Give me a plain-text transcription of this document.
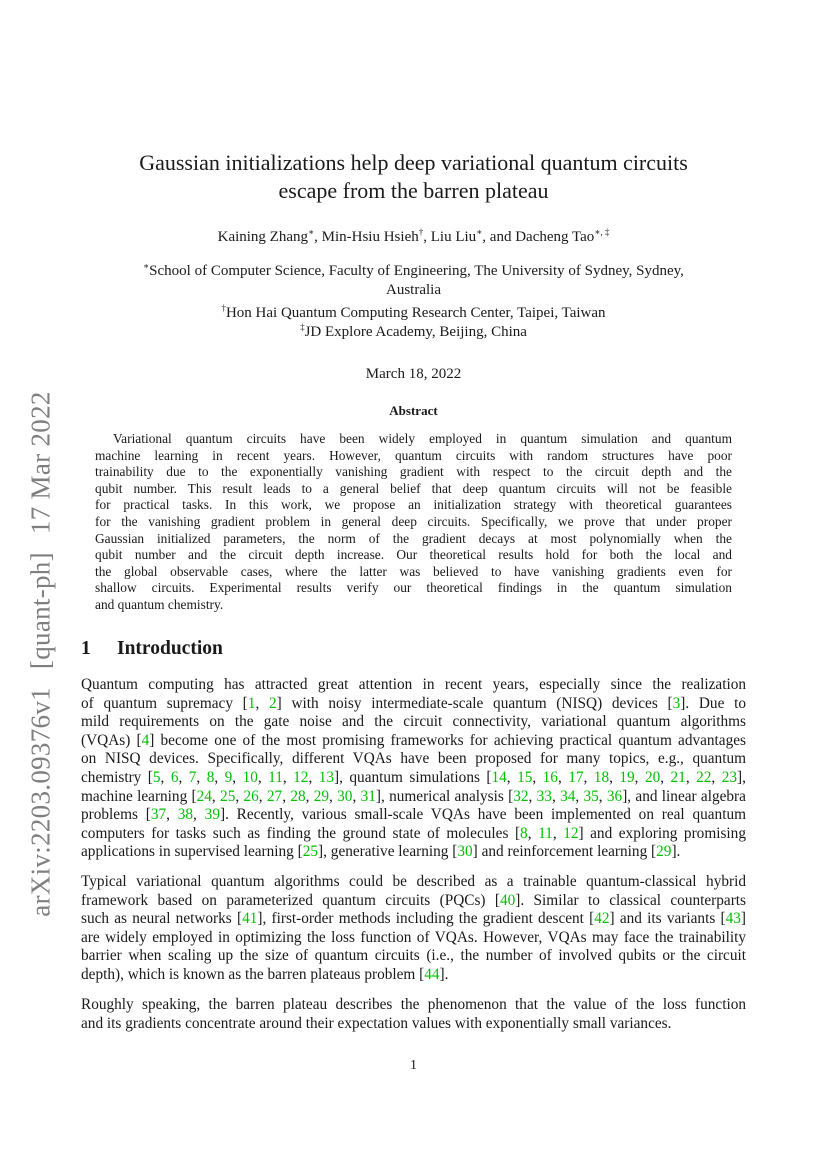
arXiv:2203.09376v1[quant-ph]17 Mar 2022
Gaussian initializations help deep variational quantum circuits
escape from the barren plateau
Kaining Zhang∗, Min-Hsiu Hsieh†, Liu Liu∗, and Dacheng Tao∗, ‡
∗School of Computer Science, Faculty of Engineering, The University of Sydney, Sydney,
Australia
†Hon Hai Quantum Computing Research Center, Taipei, Taiwan
‡JD Explore Academy, Beijing, China
March 18, 2022
Abstract
Variational quantum circuits have been widely employed in quantum simulation and quantum
machine learning in recent years. However, quantum circuits with random structures have poor
trainability due to the exponentially vanishing gradient with respect to the circuit depth and the
qubit number. This result leads to a general belief that deep quantum circuits will not be feasible
for practical tasks. In this work, we propose an initialization strategy with theoretical guarantees
for the vanishing gradient problem in general deep circuits. Specifically, we prove that under proper
Gaussian initialized parameters, the norm of the gradient decays at most polynomially when the
qubit number and the circuit depth increase. Our theoretical results hold for both the local and
the global observable cases, where the latter was believed to have vanishing gradients even for
shallow circuits. Experimental results verify our theoretical findings in the quantum simulation
and quantum chemistry.
1 Introduction
Quantum computing has attracted great attention in recent years, especially since the realization
of quantum supremacy [1, 2] with noisy intermediate-scale quantum (NISQ) devices [3]. Due to
mild requirements on the gate noise and the circuit connectivity, variational quantum algorithms
(VQAs) [4] become one of the most promising frameworks for achieving practical quantum advantages
on NISQ devices. Specifically, different VQAs have been proposed for many topics, e.g., quantum
chemistry [5, 6, 7, 8, 9, 10, 11, 12, 13], quantum simulations [14, 15, 16, 17, 18, 19, 20, 21, 22, 23],
machine learning [24, 25, 26, 27, 28, 29, 30, 31], numerical analysis [32, 33, 34, 35, 36], and linear algebra
problems [37, 38, 39]. Recently, various small-scale VQAs have been implemented on real quantum
computers for tasks such as finding the ground state of molecules [8, 11, 12] and exploring promising
applications in supervised learning [25], generative learning [30] and reinforcement learning [29].
Typical variational quantum algorithms could be described as a trainable quantum-classical hybrid
framework based on parameterized quantum circuits (PQCs) [40]. Similar to classical counterparts
such as neural networks [41], first-order methods including the gradient descent [42] and its variants [43]
are widely employed in optimizing the loss function of VQAs. However, VQAs may face the trainability
barrier when scaling up the size of quantum circuits (i.e., the number of involved qubits or the circuit
depth), which is known as the barren plateaus problem [44].
Roughly speaking, the barren plateau describes the phenomenon that the value of the loss function
and its gradients concentrate around their expectation values with exponentially small variances.
1
